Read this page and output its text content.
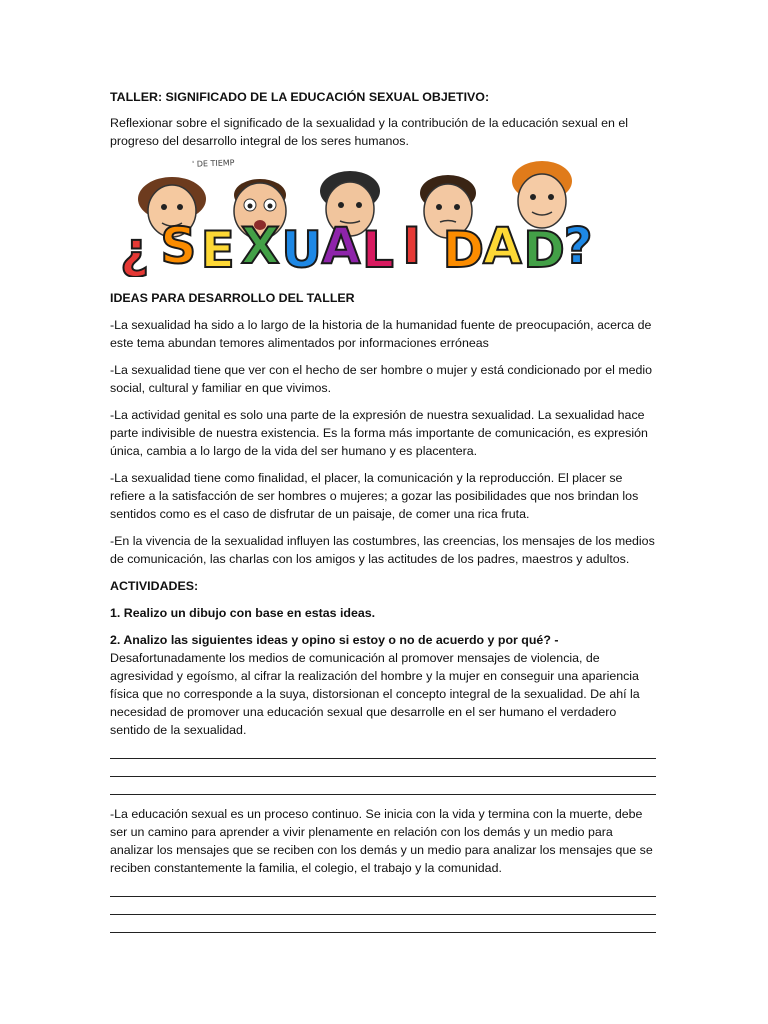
TALLER: SIGNIFICADO DE LA EDUCACIÓN SEXUAL OBJETIVO:

Reflexionar sobre el significado de la sexualidad y la contribución de la educación sexual en el progreso del desarrollo integral de los seres humanos.

' DE TIEMP
¿ S E X U A L I D
A D
?

IDEAS PARA DESARROLLO DEL TALLER

-La sexualidad ha sido a lo largo de la historia de la humanidad fuente de preocupación, acerca de este tema abundan temores alimentados por informaciones erróneas

-La sexualidad tiene que ver con el hecho de ser hombre o mujer y está condicionado por el medio social, cultural y familiar en que vivimos.

-La actividad genital es solo una parte de la expresión de nuestra sexualidad. La sexualidad hace parte indivisible de nuestra existencia. Es la forma más importante de comunicación, es expresión única, cambia a lo largo de la vida del ser humano y es placentera.

-La sexualidad tiene como finalidad, el placer, la comunicación y la reproducción. El placer se refiere a la satisfacción de ser hombres o mujeres; a gozar las posibilidades que nos brindan los sentidos como es el caso de disfrutar de un paisaje, de comer una rica fruta.

-En la vivencia de la sexualidad influyen las costumbres, las creencias, los mensajes de los medios de comunicación, las charlas con los amigos y las actitudes de los padres, maestros y adultos.

ACTIVIDADES:

1. Realizo un dibujo con base en estas ideas.

2. Analizo las siguientes ideas y opino si estoy o no de acuerdo y por qué? - Desafortunadamente los medios de comunicación al promover mensajes de violencia, de agresividad y egoísmo, al cifrar la realización del hombre y la mujer en conseguir una apariencia física que no corresponde a la suya, distorsionan el concepto integral de la sexualidad. De ahí la necesidad de promover una educación sexual que desarrolle en el ser humano el verdadero sentido de la sexualidad.

-La educación sexual es un proceso continuo. Se inicia con la vida y termina con la muerte, debe ser un camino para aprender a vivir plenamente en relación con los demás y un medio para analizar los mensajes que se reciben con los demás y un medio para analizar los mensajes que se reciben constantemente la familia, el colegio, el trabajo y la comunidad.
